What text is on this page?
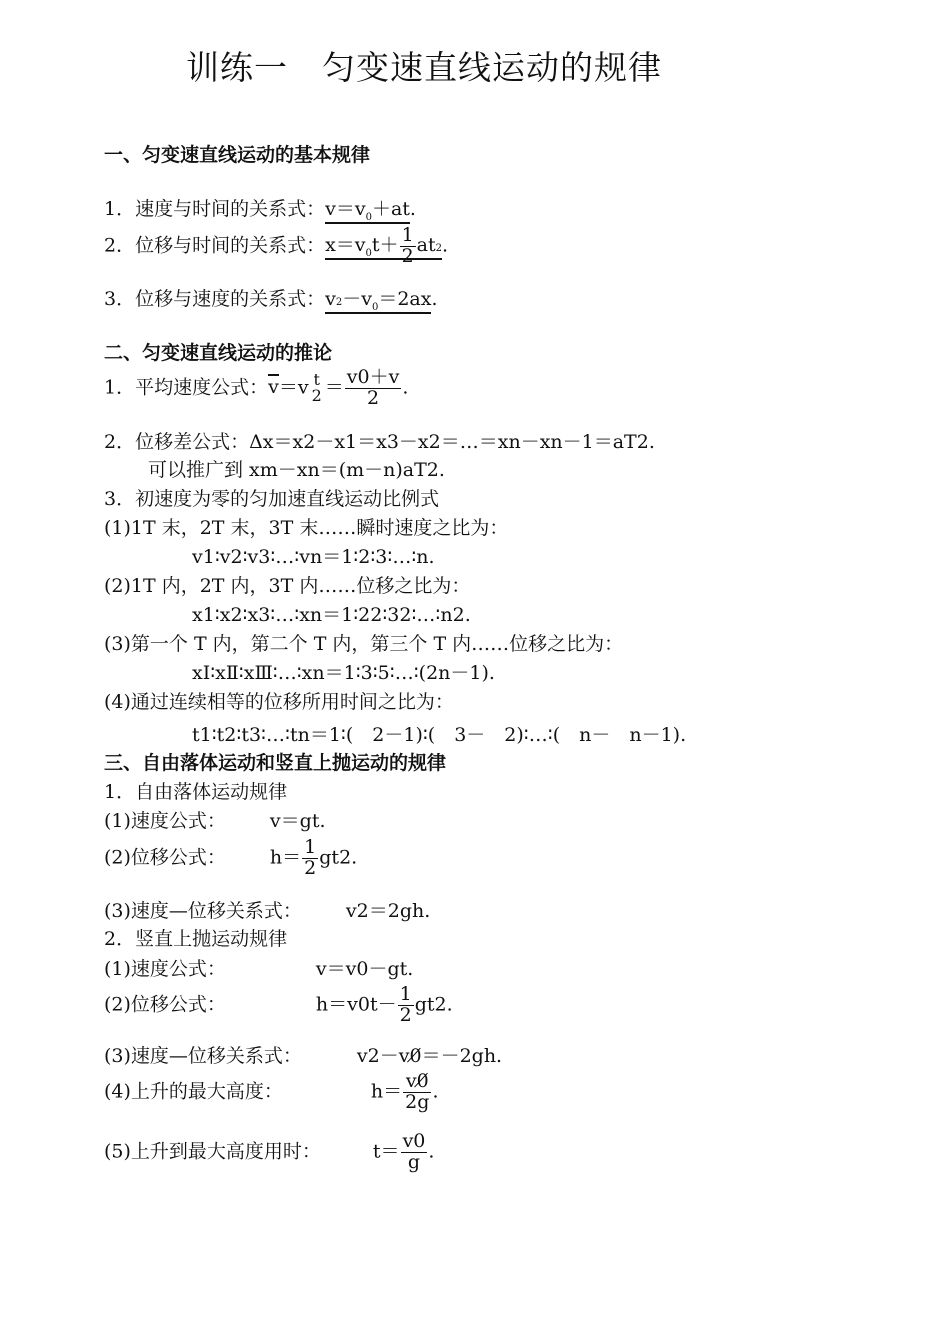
训练一　匀变速直线运动的规律
一、匀变速直线运动的基本规律
1．速度与时间的关系式：$v=v_0+at$.
2．位移与时间的关系式：$x=v_0t+ \frac{1}{2} at2$.
3．位移与速度的关系式：$v2-v_0=2ax$.
二、匀变速直线运动的推论
1．平均速度公式：v＝v t
$2 = \frac{v0+v}{2}$ .
2．位移差公式：Δx＝x2－x1＝x3－x2＝…＝xn－xn－1＝aT2.
可以推广到 xm－xn＝(m－n)aT2.
3．初速度为零的匀加速直线运动比例式
(1)1T 末，2T 末，3T 末……瞬时速度之比为：
v1∶v2∶v3∶…∶vn＝1∶2∶3∶…∶n.
(2)1T 内，2T 内，3T 内……位移之比为：
x1∶x2∶x3∶…∶xn＝1∶22∶32∶…∶n2.
(3)第一个 T 内，第二个 T 内，第三个 T 内……位移之比为：
xⅠ∶xⅡ∶xⅢ∶…∶xn＝1∶3∶5∶…∶(2n－1).
(4)通过连续相等的位移所用时间之比为：
t1∶t2∶t3∶…∶tn＝1∶(　2－1)∶(　3－　2)∶…∶(　n－　n－1).
三、自由落体运动和竖直上抛运动的规律
1．自由落体运动规律
(1)速度公式： v＝gt.
(2)位移公式： $h= \frac{1}{2} gt2$.
(3)速度—位移关系式： v2＝2gh.
2．竖直上抛运动规律
(1)速度公式：	v＝v0－gt.
(2)位移公式：	$h=v0t- \frac{1}{2} gt2$.
(3)速度—位移关系式：	v2－v0̸＝－2gh.
(4)上升的最大高度：	$h= \frac{v0̸}{2g}$ .
(5)上升到最大高度用时：	$t= \frac{v0}{g}$ .
